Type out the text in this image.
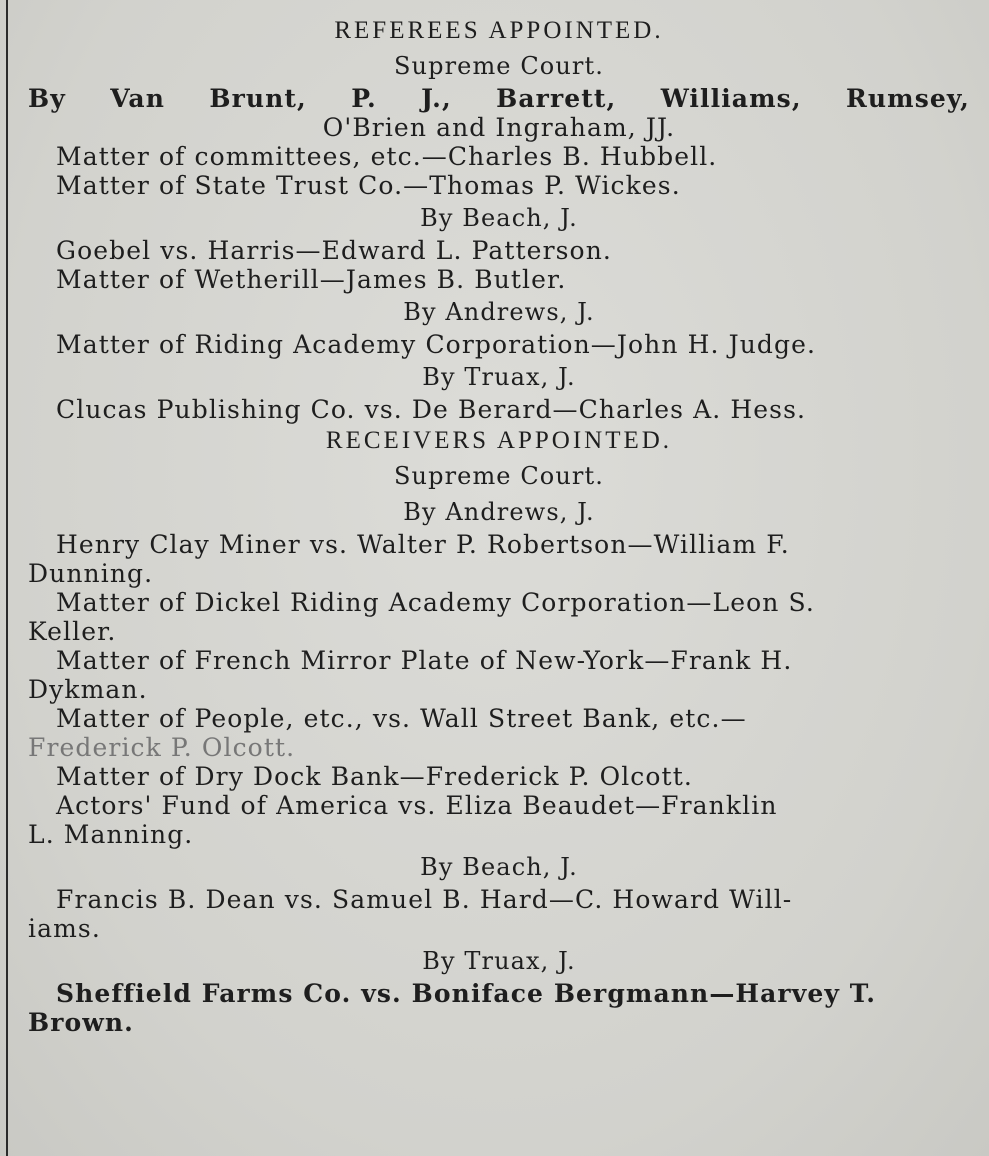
REFEREES APPOINTED.
Supreme Court.
By Van Brunt, P. J., Barrett, Williams, Rumsey,
O'Brien and Ingraham, JJ.
Matter of committees, etc.—Charles B. Hubbell.
Matter of State Trust Co.—Thomas P. Wickes.
By Beach, J.
Goebel vs. Harris—Edward L. Patterson.
Matter of Wetherill—James B. Butler.
By Andrews, J.
Matter of Riding Academy Corporation—John H. Judge.
By Truax, J.
Clucas Publishing Co. vs. De Berard—Charles A. Hess.
RECEIVERS APPOINTED.
Supreme Court.
By Andrews, J.
Henry Clay Miner vs. Walter P. Robertson—William F.
Dunning.
Matter of Dickel Riding Academy Corporation—Leon S.
Keller.
Matter of French Mirror Plate of New-York—Frank H.
Dykman.
Matter of People, etc., vs. Wall Street Bank, etc.—
Frederick P. Olcott.
Matter of Dry Dock Bank—Frederick P. Olcott.
Actors' Fund of America vs. Eliza Beaudet—Franklin
L. Manning.
By Beach, J.
Francis B. Dean vs. Samuel B. Hard—C. Howard Will-
iams.
By Truax, J.
Sheffield Farms Co. vs. Boniface Bergmann—Harvey T.
Brown.
